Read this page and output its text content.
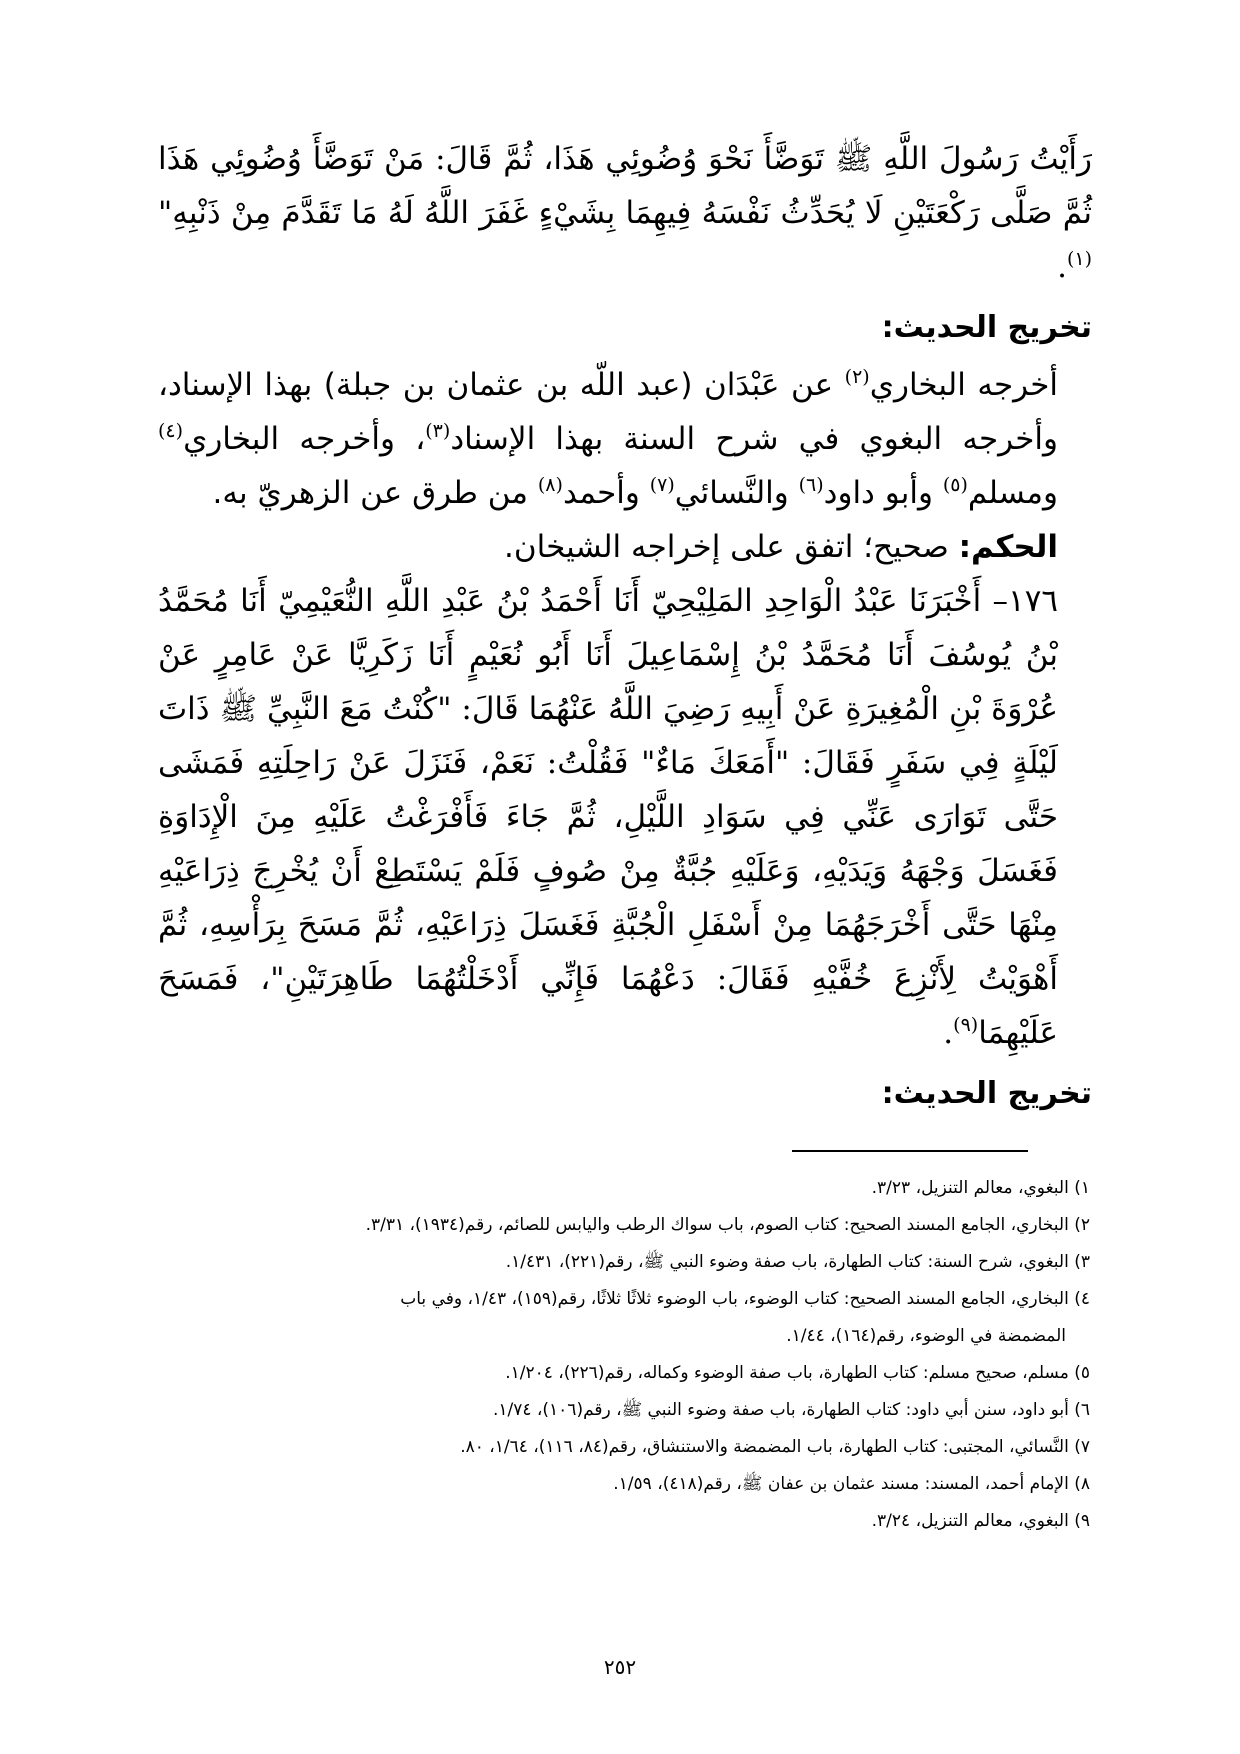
رَأَيْتُ رَسُولَ اللَّهِ ﷺ تَوَضَّأَ نَحْوَ وُضُوئِي هَذَا، ثُمَّ قَالَ: مَنْ تَوَضَّأَ وُضُوئِي هَذَا ثُمَّ صَلَّى رَكْعَتَيْنِ لَا يُحَدِّثُ نَفْسَهُ فِيهِمَا بِشَيْءٍ غَفَرَ اللَّهُ لَهُ مَا تَقَدَّمَ مِنْ ذَنْبِهِ"$^{(١)}$.

تخريج الحديث:

أخرجه البخاري$^{(٢)}$ عن عَبْدَان (عبد اللّه بن عثمان بن جبلة) بهذا الإسناد، وأخرجه البغوي في شرح السنة بهذا الإسناد$^{(٣)}$، وأخرجه البخاري$^{(٤)}$ ومسلم$^{(٥)}$ وأبو داود$^{(٦)}$ والنَّسائي$^{(٧)}$ وأحمد$^{(٨)}$ من طرق عن الزهريّ به.

الحكم: صحيح؛ اتفق على إخراجه الشيخان.

١٧٦– أَخْبَرَنَا عَبْدُ الْوَاحِدِ المَلِيْحِيّ أَنَا أَحْمَدُ بْنُ عَبْدِ اللَّهِ النُّعَيْمِيّ أَنَا مُحَمَّدُ بْنُ يُوسُفَ أَنَا مُحَمَّدُ بْنُ إِسْمَاعِيلَ أَنَا أَبُو نُعَيْمٍ أَنَا زَكَرِيَّا عَنْ عَامِرٍ عَنْ عُرْوَةَ بْنِ الْمُغِيرَةِ عَنْ أَبِيهِ رَضِيَ اللَّهُ عَنْهُمَا قَالَ: "كُنْتُ مَعَ النَّبِيِّ ﷺ ذَاتَ لَيْلَةٍ فِي سَفَرٍ فَقَالَ: "أَمَعَكَ مَاءٌ" فَقُلْتُ: نَعَمْ، فَنَزَلَ عَنْ رَاحِلَتِهِ فَمَشَى حَتَّى تَوَارَى عَنِّي فِي سَوَادِ اللَّيْلِ، ثُمَّ جَاءَ فَأَفْرَغْتُ عَلَيْهِ مِنَ الْإِدَاوَةِ فَغَسَلَ وَجْهَهُ وَيَدَيْهِ، وَعَلَيْهِ جُبَّةٌ مِنْ صُوفٍ فَلَمْ يَسْتَطِعْ أَنْ يُخْرِجَ ذِرَاعَيْهِ مِنْهَا حَتَّى أَخْرَجَهُمَا مِنْ أَسْفَلِ الْجُبَّةِ فَغَسَلَ ذِرَاعَيْهِ، ثُمَّ مَسَحَ بِرَأْسِهِ، ثُمَّ أَهْوَيْتُ لِأَنْزِعَ خُفَّيْهِ فَقَالَ: دَعْهُمَا فَإِنِّي أَدْخَلْتُهُمَا طَاهِرَتَيْنِ"، فَمَسَحَ عَلَيْهِمَا$^{(٩)}$.

تخريج الحديث:

١) البغوي، معالم التنزيل، ٣/٢٣.

٢) البخاري، الجامع المسند الصحيح: كتاب الصوم، باب سواك الرطب واليابس للصائم، رقم(١٩٣٤)، ٣/٣١.

٣) البغوي، شرح السنة: كتاب الطهارة، باب صفة وضوء النبي ﷺ، رقم(٢٢١)، ١/٤٣١.

٤) البخاري، الجامع المسند الصحيح: كتاب الوضوء، باب الوضوء ثلاثًا ثلاثًا، رقم(١٥٩)، ١/٤٣، وفي باب
المضمضة في الوضوء، رقم(١٦٤)، ١/٤٤.

٥) مسلم، صحيح مسلم: كتاب الطهارة، باب صفة الوضوء وكماله، رقم(٢٢٦)، ١/٢٠٤.

٦) أبو داود، سنن أبي داود: كتاب الطهارة، باب صفة وضوء النبي ﷺ، رقم(١٠٦)، ١/٧٤.

٧) النَّسائي، المجتبى: كتاب الطهارة، باب المضمضة والاستنشاق، رقم(٨٤، ١١٦)، ١/٦٤، ٨٠.

٨) الإمام أحمد، المسند: مسند عثمان بن عفان ﷺ، رقم(٤١٨)، ١/٥٩.

٩) البغوي، معالم التنزيل، ٣/٢٤.

٢٥٢
